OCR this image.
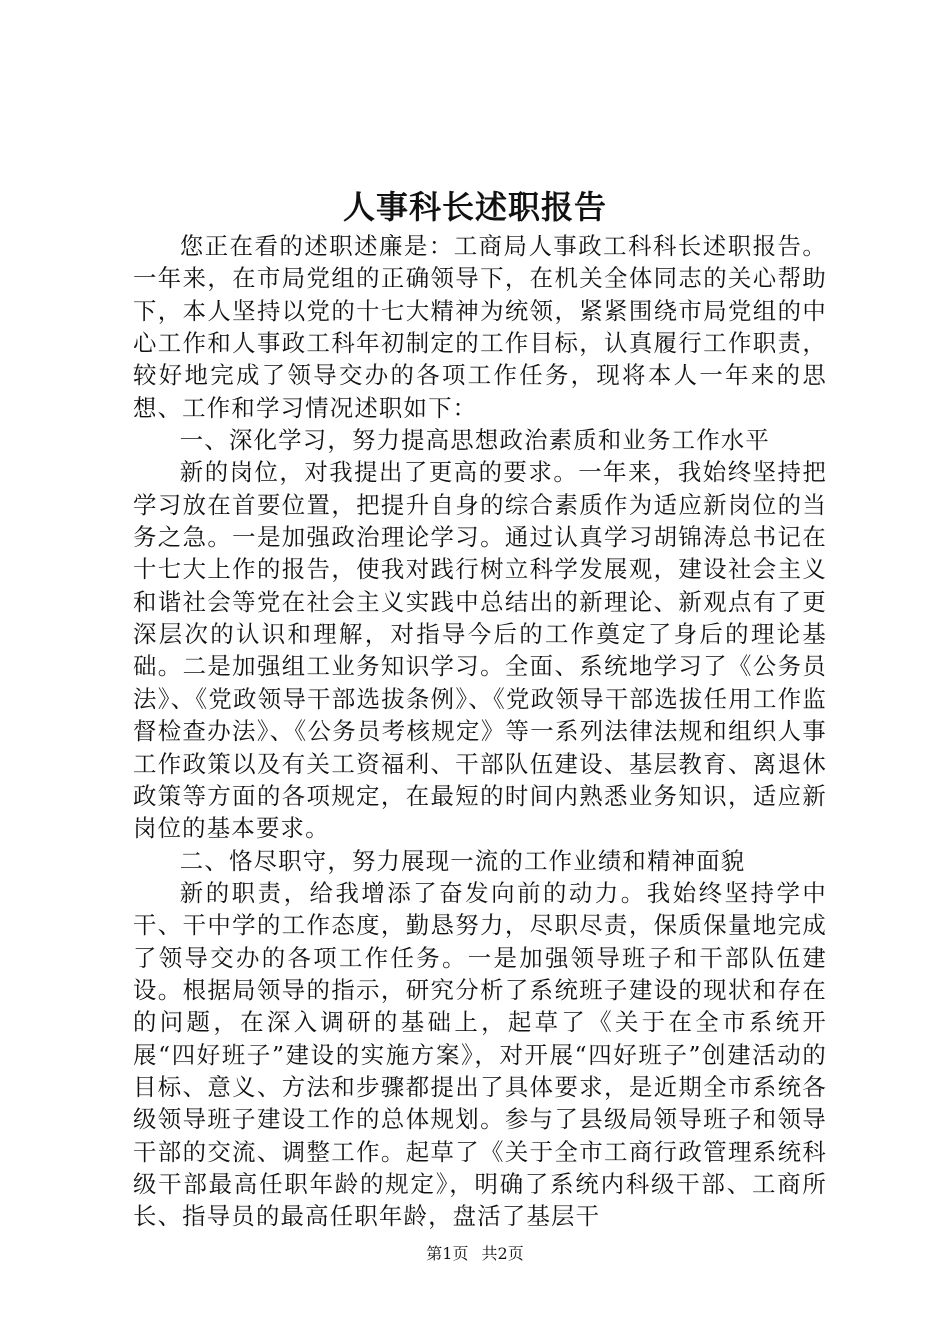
人事科长述职报告

您正在看的述职述廉是：工商局人事政工科科长述职报告。一年来，在市局党组的正确领导下，在机关全体同志的关心帮助下，本人坚持以党的十七大精神为统领，紧紧围绕市局党组的中心工作和人事政工科年初制定的工作目标，认真履行工作职责，较好地完成了领导交办的各项工作任务，现将本人一年来的思想、工作和学习情况述职如下：

一、深化学习，努力提高思想政治素质和业务工作水平

新的岗位，对我提出了更高的要求。一年来，我始终坚持把学习放在首要位置，把提升自身的综合素质作为适应新岗位的当务之急。一是加强政治理论学习。通过认真学习胡锦涛总书记在十七大上作的报告，使我对践行树立科学发展观，建设社会主义和谐社会等党在社会主义实践中总结出的新理论、新观点有了更深层次的认识和理解，对指导今后的工作奠定了身后的理论基础。二是加强组工业务知识学习。全面、系统地学习了《公务员法》、《党政领导干部选拔条例》、《党政领导干部选拔任用工作监督检查办法》、《公务员考核规定》等一系列法律法规和组织人事工作政策以及有关工资福利、干部队伍建设、基层教育、离退休政策等方面的各项规定，在最短的时间内熟悉业务知识，适应新岗位的基本要求。

二、恪尽职守，努力展现一流的工作业绩和精神面貌

新的职责，给我增添了奋发向前的动力。我始终坚持学中干、干中学的工作态度，勤恳努力，尽职尽责，保质保量地完成了领导交办的各项工作任务。一是加强领导班子和干部队伍建设。根据局领导的指示，研究分析了系统班子建设的现状和存在的问题，在深入调研的基础上，起草了《关于在全市系统开展“四好班子”建设的实施方案》，对开展“四好班子”创建活动的目标、意义、方法和步骤都提出了具体要求，是近期全市系统各级领导班子建设工作的总体规划。参与了县级局领导班子和领导干部的交流、调整工作。起草了《关于全市工商行政管理系统科级干部最高任职年龄的规定》，明确了系统内科级干部、工商所长、指导员的最高任职年龄，盘活了基层干

第1页 共2页
